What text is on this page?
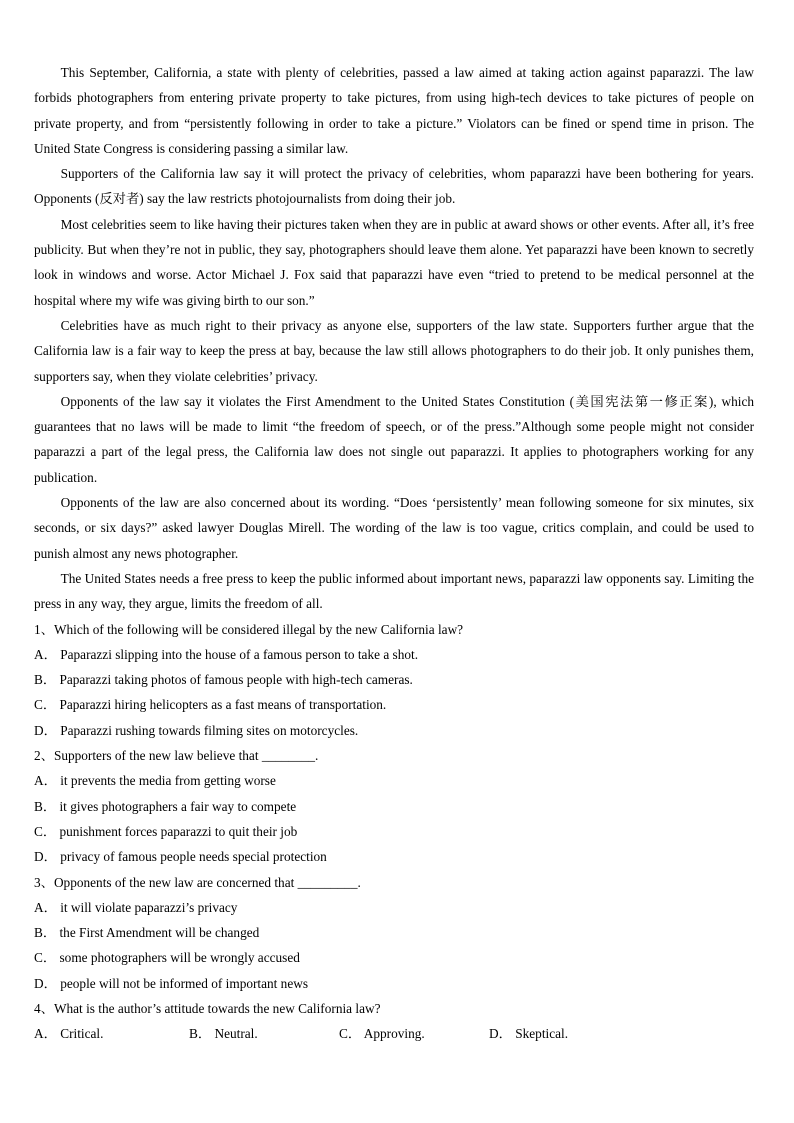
This September, California, a state with plenty of celebrities, passed a law aimed at taking action against paparazzi. The law forbids photographers from entering private property to take pictures, from using high-tech devices to take pictures of people on private property, and from “persistently following in order to take a picture.” Violators can be fined or spend time in prison. The United State Congress is considering passing a similar law.

Supporters of the California law say it will protect the privacy of celebrities, whom paparazzi have been bothering for years. Opponents (反对者) say the law restricts photojournalists from doing their job.

Most celebrities seem to like having their pictures taken when they are in public at award shows or other events. After all, it’s free publicity. But when they’re not in public, they say, photographers should leave them alone. Yet paparazzi have been known to secretly look in windows and worse. Actor Michael J. Fox said that paparazzi have even “tried to pretend to be medical personnel at the hospital where my wife was giving birth to our son.”

Celebrities have as much right to their privacy as anyone else, supporters of the law state. Supporters further argue that the California law is a fair way to keep the press at bay, because the law still allows photographers to do their job. It only punishes them, supporters say, when they violate celebrities’ privacy.

Opponents of the law say it violates the First Amendment to the United States Constitution (美国宪法第一修正案), which guarantees that no laws will be made to limit “the freedom of speech, or of the press.”Although some people might not consider paparazzi a part of the legal press, the California law does not single out paparazzi. It applies to photographers working for any publication.

Opponents of the law are also concerned about its wording. “Does ‘persistently’ mean following someone for six minutes, six seconds, or six days?” asked lawyer Douglas Mirell. The wording of the law is too vague, critics complain, and could be used to punish almost any news photographer.

The United States needs a free press to keep the public informed about important news, paparazzi law opponents say. Limiting the press in any way, they argue, limits the freedom of all.

1、Which of the following will be considered illegal by the new California law?

A． Paparazzi slipping into the house of a famous person to take a shot.

B． Paparazzi taking photos of famous people with high-tech cameras.

C． Paparazzi hiring helicopters as a fast means of transportation.

D． Paparazzi rushing towards filming sites on motorcycles.

2、Supporters of the new law believe that ________.

A． it prevents the media from getting worse

B． it gives photographers a fair way to compete

C． punishment forces paparazzi to quit their job

D． privacy of famous people needs special protection

3、Opponents of the new law are concerned that _________.

A． it will violate paparazzi’s privacy

B． the First Amendment will be changed

C． some photographers will be wrongly accused

D． people will not be informed of important news

4、What is the author’s attitude towards the new California law?

A． Critical.	B． Neutral.	C． Approving.	D． Skeptical.
